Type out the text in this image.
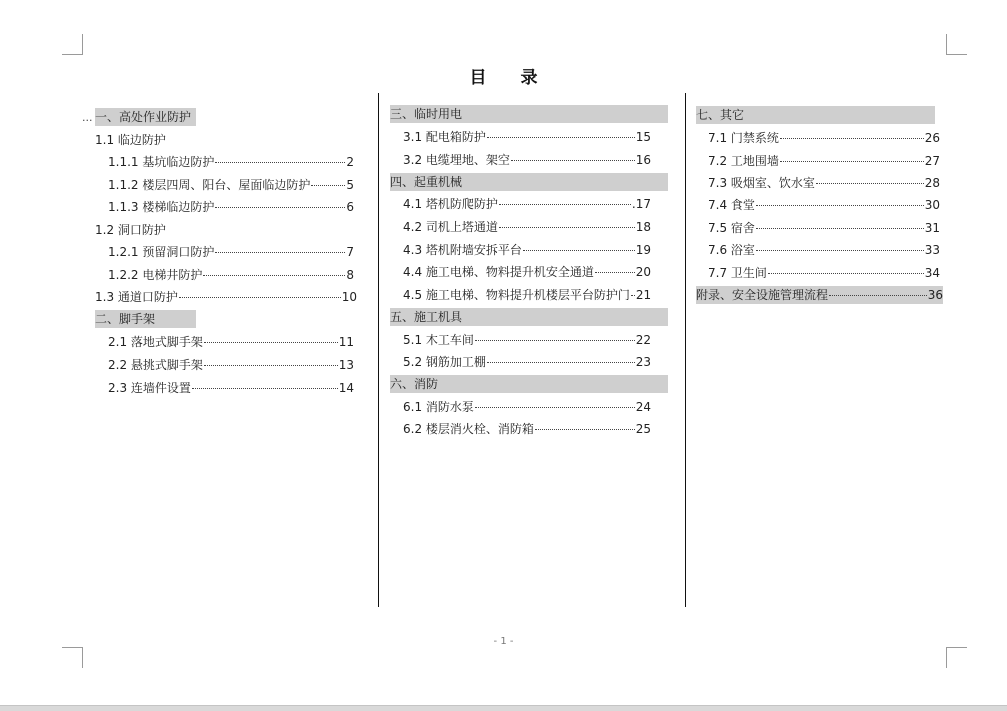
目 录
... 一、高处作业防护
1.1 临边防护
1.1.1 基坑临边防护	2
1.1.2 楼层四周、阳台、屋面临边防护	5
1.1.3 楼梯临边防护	6
1.2 洞口防护
1.2.1 预留洞口防护	7
1.2.2 电梯井防护	8
1.3 通道口防护	10
二、脚手架
2.1 落地式脚手架	11
2.2 悬挑式脚手架	13
2.3 连墙件设置	14
三、临时用电
3.1 配电箱防护	15
3.2 电缆埋地、架空	16
四、起重机械
4.1 塔机防爬防护	.17
4.2 司机上塔通道	18
4.3 塔机附墙安拆平台	19
4.4 施工电梯、物料提升机安全通道	20
4.5 施工电梯、物料提升机楼层平台防护门 21
五、施工机具
5.1 木工车间	22
5.2 钢筋加工棚	23
六、消防
6.1 消防水泵	24
6.2 楼层消火栓、消防箱	25
七、其它
7.1 门禁系统	26
7.2 工地围墙	27
7.3 吸烟室、饮水室	28
7.4 食堂	30
7.5 宿舍	31
7.6 浴室	33
7.7 卫生间	34
附录、安全设施管理流程	36
- 1 -
